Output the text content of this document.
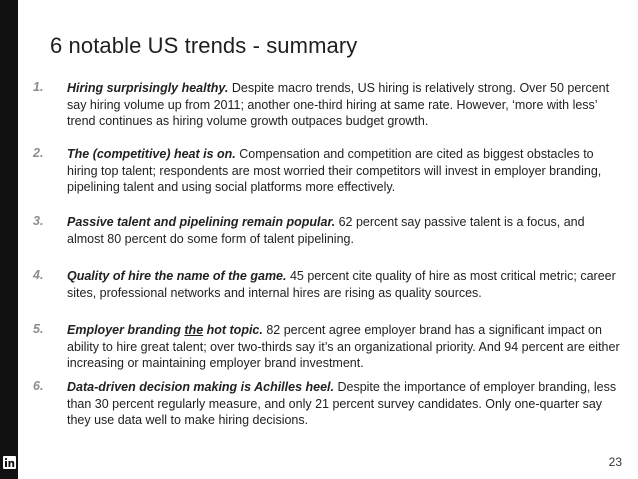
6 notable US trends - summary
1.	Hiring surprisingly healthy. Despite macro trends, US hiring is relatively strong. Over 50 percent say hiring volume up from 2011; another one-third hiring at same rate. However, ‘more with less’ trend continues as hiring volume growth outpaces budget growth.
2.	The (competitive) heat is on. Compensation and competition are cited as biggest obstacles to hiring top talent; respondents are most worried their competitors will invest in employer branding, pipelining talent and using social platforms more effectively.
3.	Passive talent and pipelining remain popular. 62 percent say passive talent is a focus, and almost 80 percent do some form of talent pipelining.
4.	Quality of hire the name of the game. 45 percent cite quality of hire as most critical metric; career sites, professional networks and internal hires are rising as quality sources.
5.	Employer branding the hot topic. 82 percent agree employer brand has a significant impact on ability to hire great talent; over two-thirds say it’s an organizational priority. And 94 percent are either increasing or maintaining employer brand investment.
6.	Data-driven decision making is Achilles heel. Despite the importance of employer branding, less than 30 percent regularly measure, and only 21 percent survey candidates. Only one-quarter say they use data well to make hiring decisions.
23
